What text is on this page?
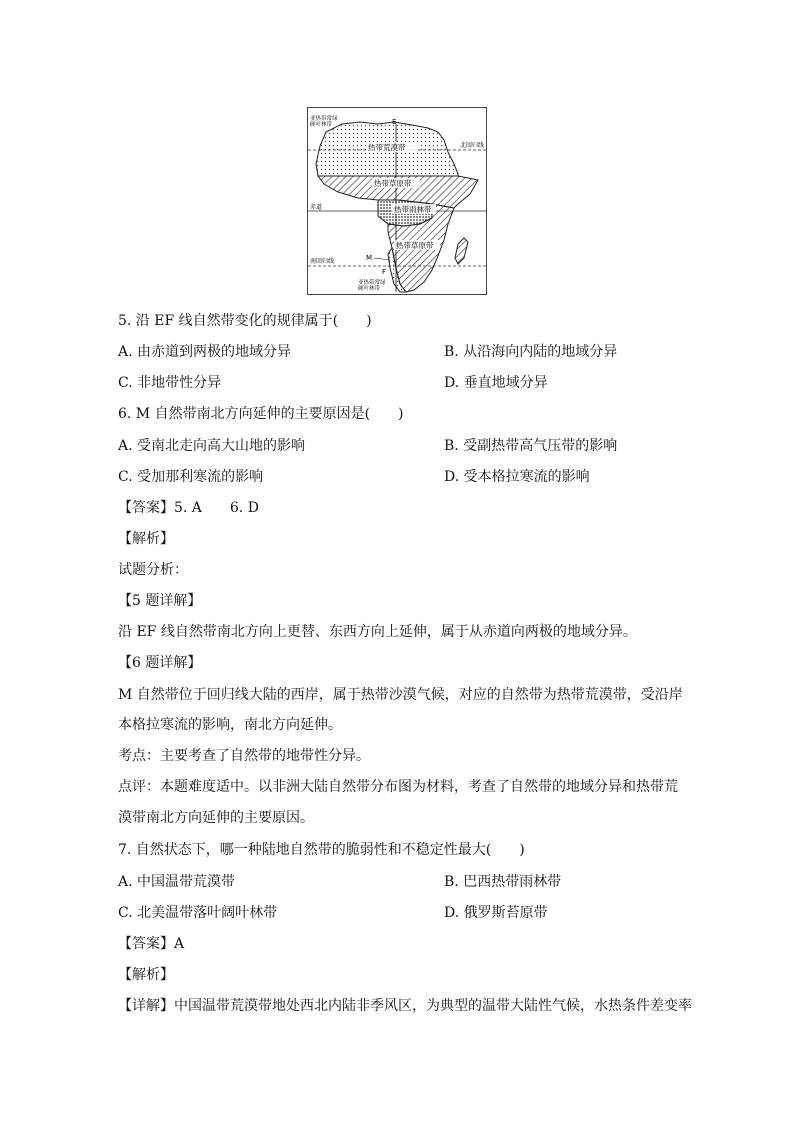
热带荒漠带
热带草原带
热带雨林带
热带草原带
亚热带常绿硬叶林带	E
北回归线
赤道
南回归线	M
F
亚热带常绿硬叶林带
5. 沿 EF 线自然带变化的规律属于(　　)
A. 由赤道到两极的地域分异	B. 从沿海向内陆的地域分异
C. 非地带性分异	D. 垂直地域分异
6. M 自然带南北方向延伸的主要原因是(　　)
A. 受南北走向高大山地的影响	B. 受副热带高气压带的影响
C. 受加那利寒流的影响	D. 受本格拉寒流的影响
【答案】5. A　　6. D
【解析】
试题分析：
【5 题详解】
沿 EF 线自然带南北方向上更替、东西方向上延伸，属于从赤道向两极的地域分异。
【6 题详解】
M 自然带位于回归线大陆的西岸，属于热带沙漠气候，对应的自然带为热带荒漠带，受沿岸
本格拉寒流的影响，南北方向延伸。
考点：主要考查了自然带的地带性分异。
点评：本题难度适中。以非洲大陆自然带分布图为材料，考查了自然带的地域分异和热带荒
漠带南北方向延伸的主要原因。
7. 自然状态下，哪一种陆地自然带的脆弱性和不稳定性最大(　　)
A. 中国温带荒漠带	B. 巴西热带雨林带
C. 北美温带落叶阔叶林带	D. 俄罗斯苔原带
【答案】A
【解析】
【详解】中国温带荒漠带地处西北内陆非季风区，为典型的温带大陆性气候，水热条件差变率
